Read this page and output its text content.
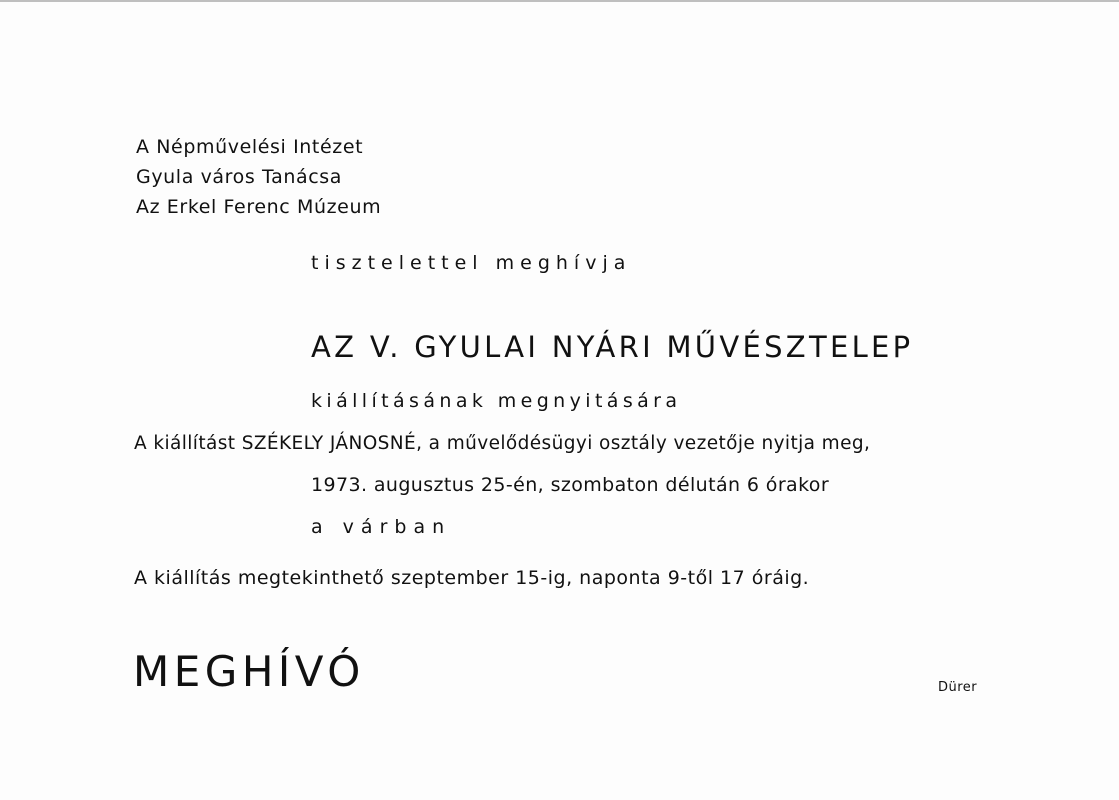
A Népművelési Intézet
Gyula város Tanácsa
Az Erkel Ferenc Múzeum
tisztelettel meghívja
AZ V. GYULAI NYÁRI MŰVÉSZTELEP
kiállításának megnyitására
A kiállítást SZÉKELY JÁNOSNÉ, a művelődésügyi osztály vezetője nyitja meg,
1973. augusztus 25-én, szombaton délután 6 órakor
a várban
A kiállítás megtekinthető szeptember 15-ig, naponta 9-től 17 óráig.
MEGHÍVÓ	Dürer
